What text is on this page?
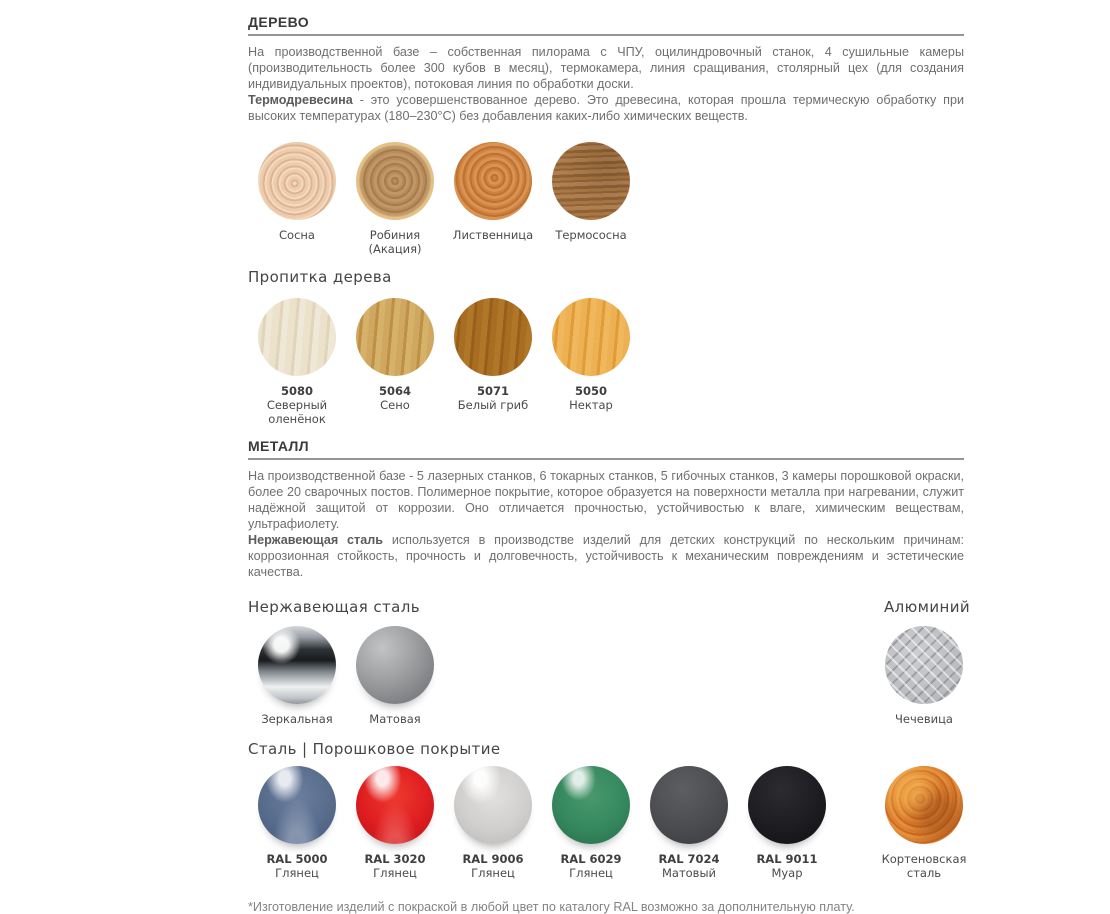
ДЕРЕВО

На производственной базе – собственная пилорама с ЧПУ, оцилиндровочный станок, 4 сушильные камеры (производительность более 300 кубов в месяц), термокамера, линия сращивания, столярный цех (для создания индивидуальных проектов), потоковая линия по обработки доски.

Термодревесина - это усовершенствованное дерево. Это древесина, которая прошла термическую обработку при высоких температурах (180–230°С) без добавления каких-либо химических веществ.

Сосна	Робиния (Акация)
Лиственница	Термососна
Пропитка дерева
5080
Северный оленёнок
5064
Сено
5071
Белый гриб
5050
Нектар
МЕТАЛЛ

На производственной базе - 5 лазерных станков, 6 токарных станков, 5 гибочных станков, 3 камеры порошковой окраски, более 20 сварочных постов. Полимерное покрытие, которое образуется на поверхности металла при нагревании, служит надёжной защитой от коррозии. Оно отличается прочностью, устойчивостью к влаге, химическим веществам, ультрафиолету.

Нержавеющая сталь используется в производстве изделий для детских конструкций по нескольким причинам: коррозионная стойкость, прочность и долговечность, устойчивость к механическим повреждениям и эстетические качества.

Нержавеющая сталь	Алюминий
Зеркальная	Матовая	Чечевица
Сталь | Порошковое покрытие
RAL 5000
Глянец
RAL 3020
Глянец
RAL 9006
Глянец
RAL 6029
Глянец
RAL 7024
Матовый
RAL 9011
Муар
Кортеновская сталь

*Изготовление изделий с покраской в любой цвет по каталогу RAL возможно за дополнительную плату.
